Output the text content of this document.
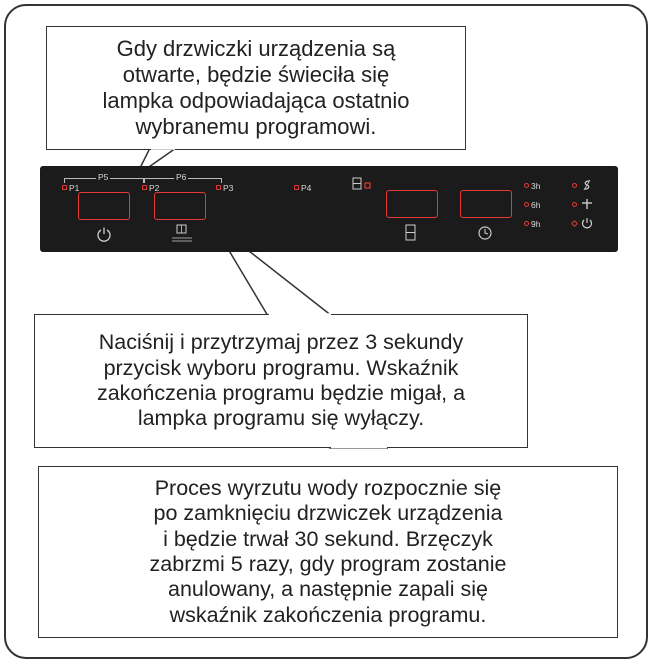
Gdy drzwiczki urządzenia są
otwarte, będzie świeciła się
lampka odpowiadająca ostatnio
wybranemu programowi.
P5	P6
P1	P2	P3	P4	3h
6h
9h
Naciśnij i przytrzymaj przez 3 sekundy
przycisk wyboru programu. Wskaźnik
zakończenia programu będzie migał, a
lampka programu się wyłączy.
Proces wyrzutu wody rozpocznie się
po zamknięciu drzwiczek urządzenia
i będzie trwał 30 sekund. Brzęczyk
zabrzmi 5 razy, gdy program zostanie
anulowany, a następnie zapali się
wskaźnik zakończenia programu.
